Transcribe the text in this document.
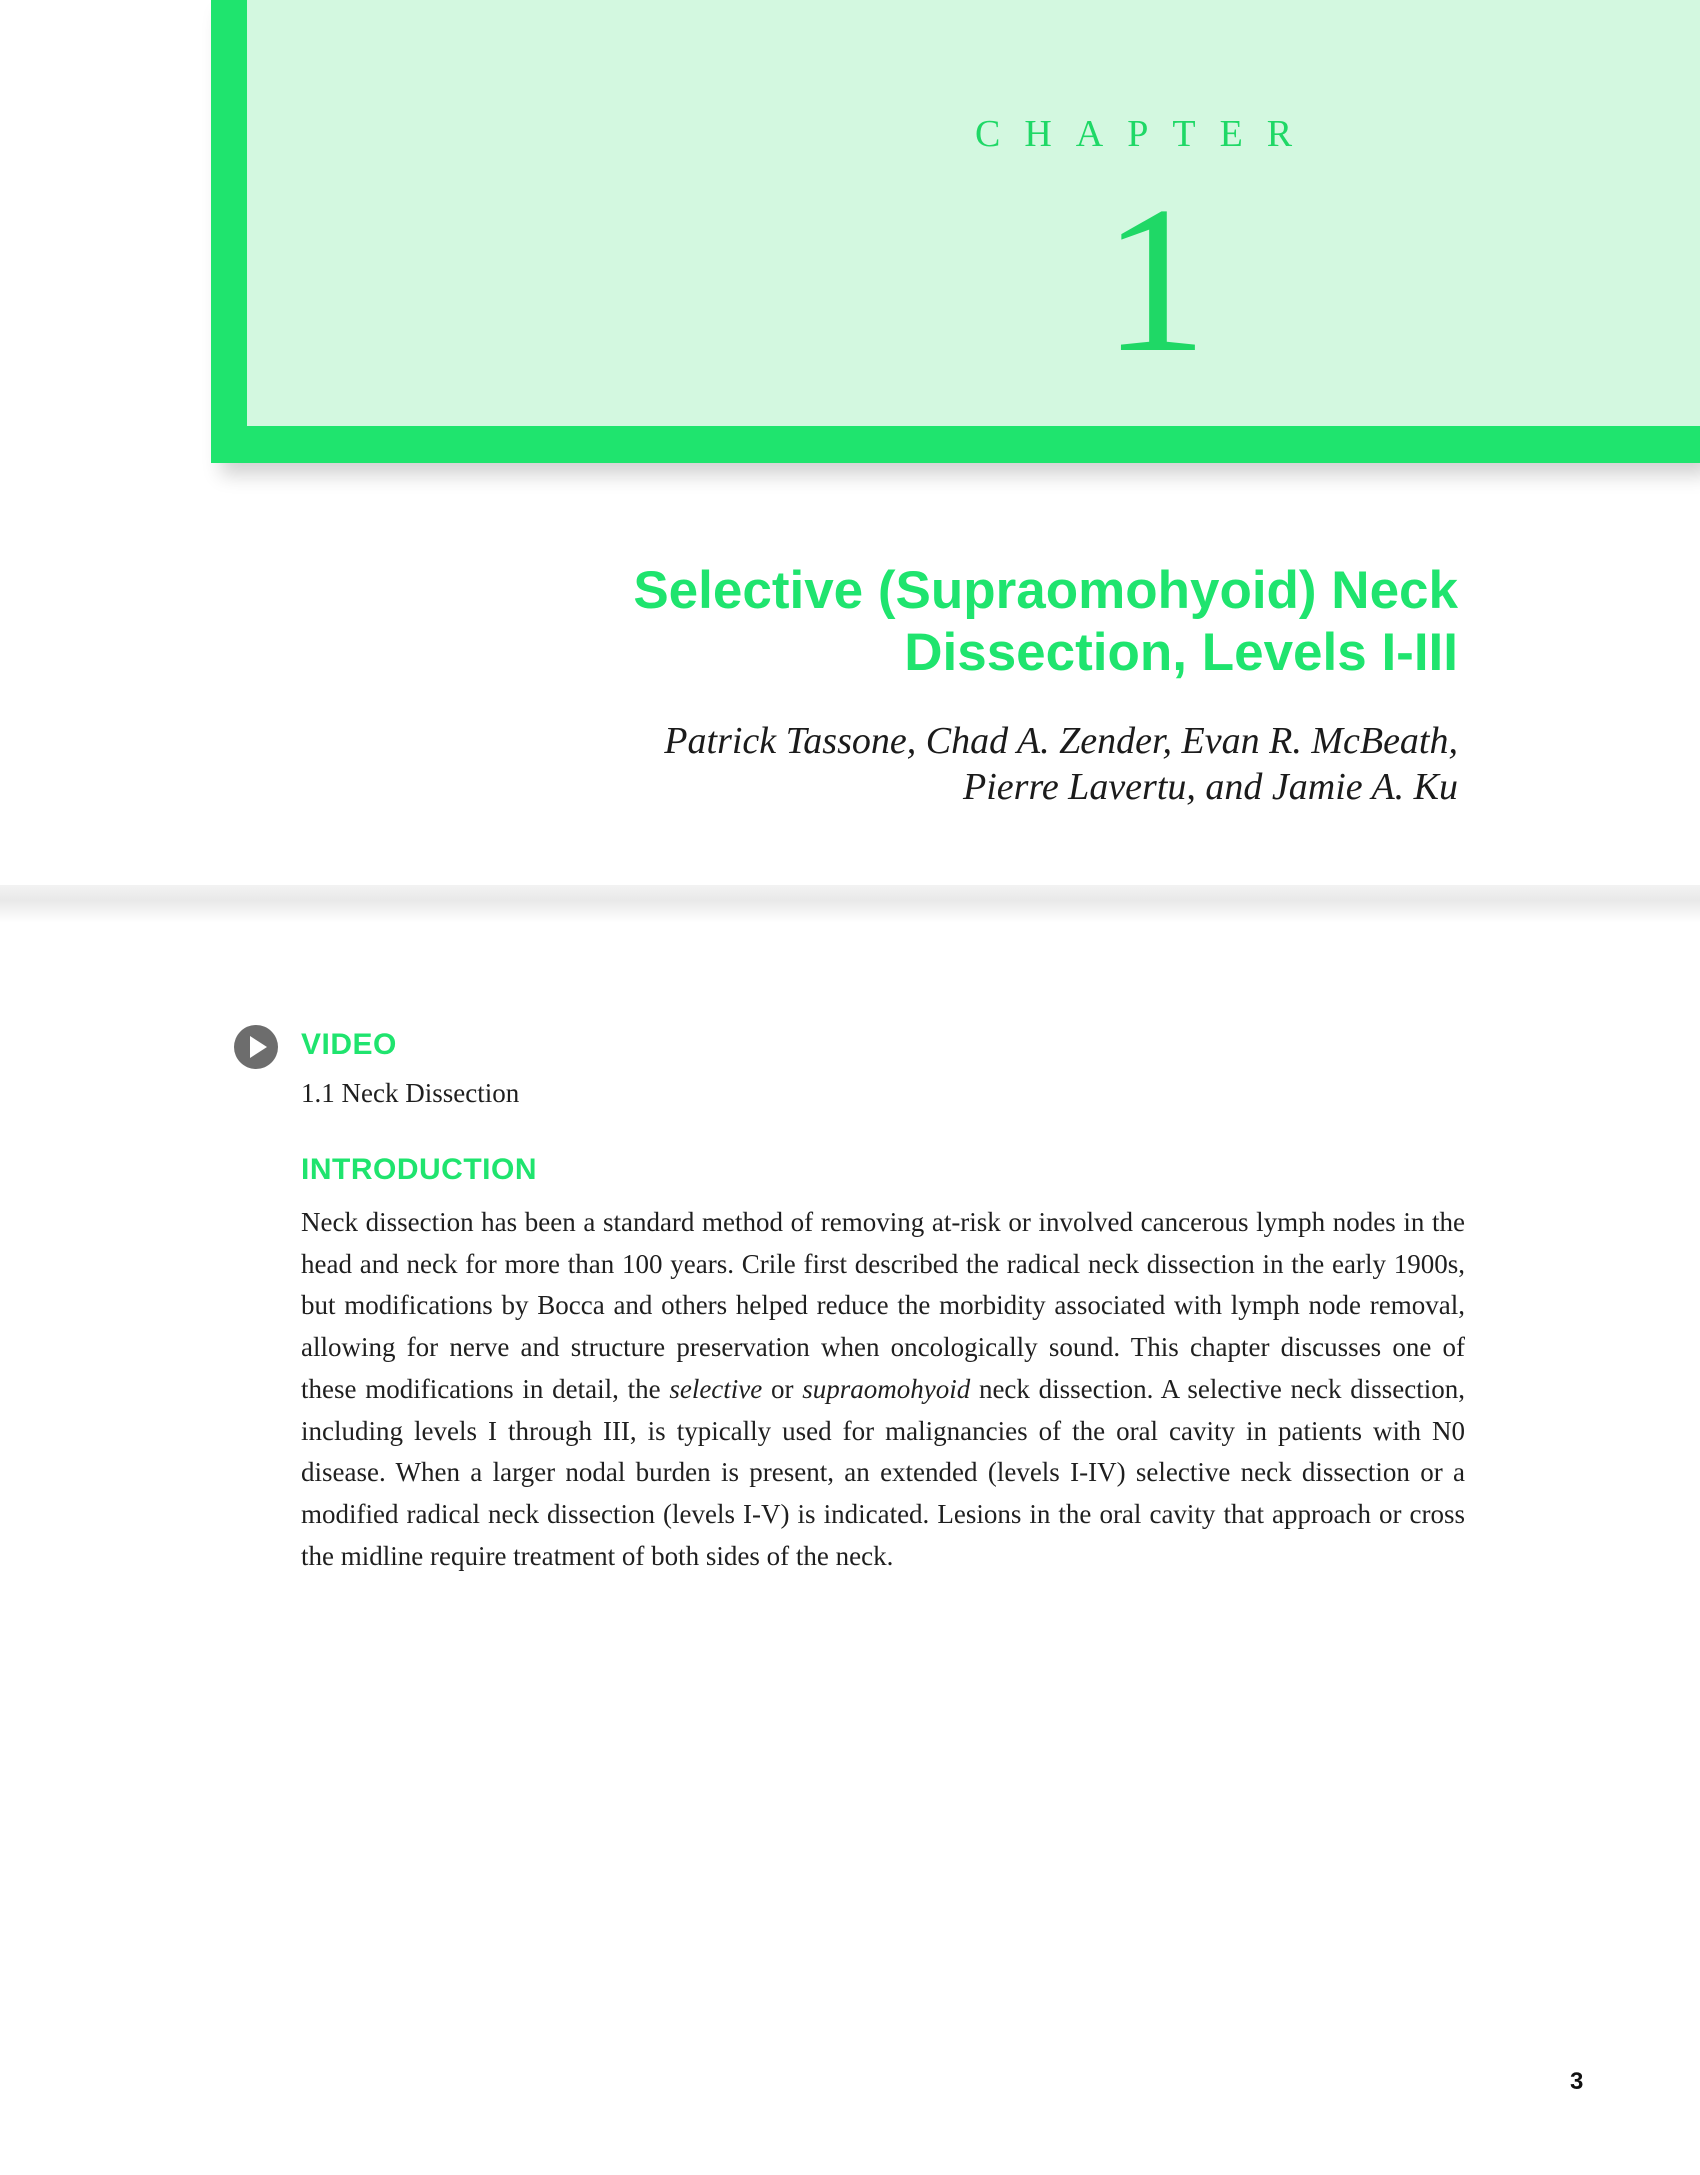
CHAPTER
1
Selective (Supraomohyoid) Neck
Dissection, Levels I-III
Patrick Tassone, Chad A. Zender, Evan R. McBeath,
Pierre Lavertu, and Jamie A. Ku
VIDEO
1.1 Neck Dissection
INTRODUCTION
Neck dissection has been a standard method of removing at-risk or involved cancerous lymph nodes in the head and neck for more than 100 years. Crile first described the radical neck dissection in the early 1900s, but modifications by Bocca and others helped reduce the morbidity associated with lymph node removal, allowing for nerve and structure preservation when oncologically sound. This chapter discusses one of these modifications in detail, the selective or supraomohyoid neck dissection. A selective neck dissection, including levels I through III, is typically used for malignancies of the oral cavity in patients with N0 disease. When a larger nodal burden is present, an extended (levels I-IV) selective neck dissection or a modified radical neck dissection (levels I-V) is indicated. Lesions in the oral cavity that approach or cross the midline require treatment of both sides of the neck.
3
